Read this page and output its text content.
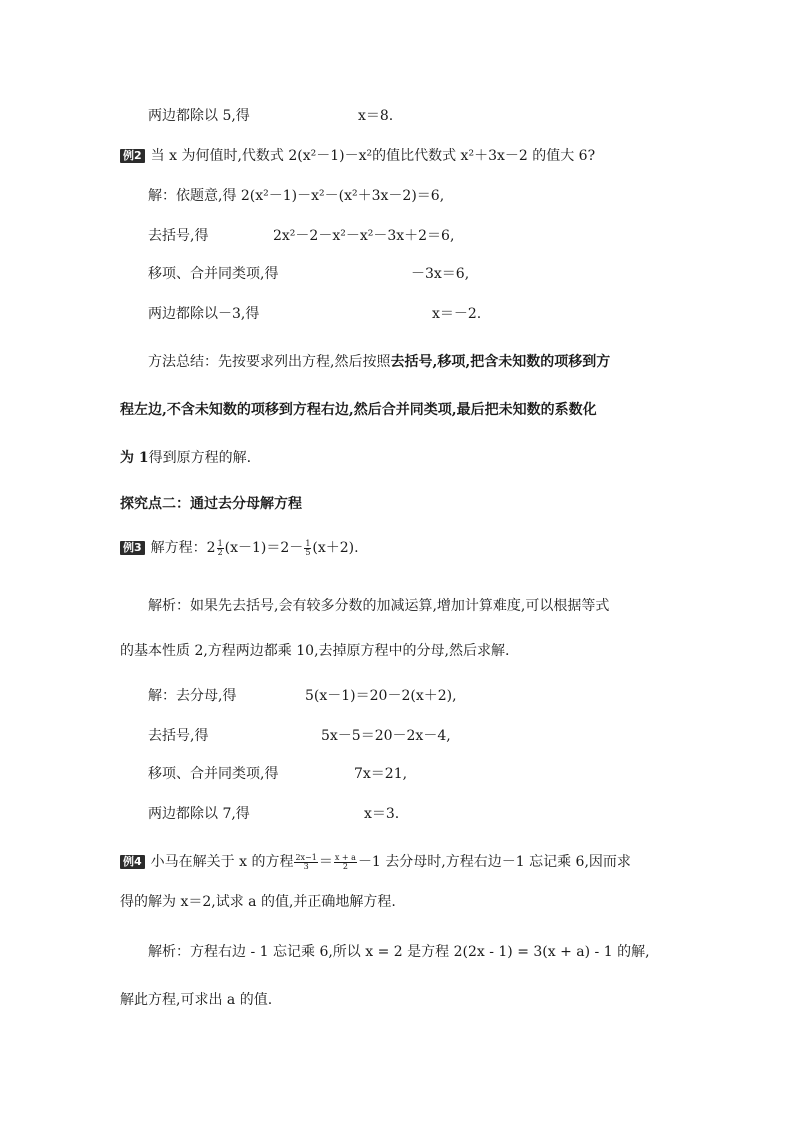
两边都除以 5,得	x＝8.
例2 当 x 为何值时,代数式 2(x²－1)－x²的值比代数式 x²＋3x－2 的值大 6?
解：依题意,得 2(x²－1)－x²－(x²＋3x－2)＝6,
去括号,得	2x²－2－x²－x²－3x＋2＝6,
移项、合并同类项,得	－3x＝6,
两边都除以－3,得	x＝－2.
方法总结：先按要求列出方程,然后按照去括号,移项,把含未知数的项移到方
程左边,不含未知数的项移到方程右边,然后合并同类项,最后把未知数的系数化
为 1得到原方程的解.
探究点二：通过去分母解方程
例3 解方程：$2 \frac{1}{2} (x-1)=2- \frac{1}{5} (x+2)$.
解析：如果先去括号,会有较多分数的加减运算,增加计算难度,可以根据等式
的基本性质 2,方程两边都乘 10,去掉原方程中的分母,然后求解.
解：去分母,得	5(x－1)＝20－2(x＋2),
去括号,得	5x－5＝20－2x－4,
移项、合并同类项,得	7x＝21,
两边都除以 7,得	x＝3.
例4 小马在解关于 x 的方程 $\frac{2x-1}{3} = \frac{x + a}{2} -1$ 去分母时,方程右边－1 忘记乘 6,因而求
得的解为 x＝2,试求 a 的值,并正确地解方程.
解析：方程右边 - 1 忘记乘 6,所以 x = 2 是方程 2(2x - 1) = 3(x + a) - 1 的解,
解此方程,可求出 a 的值.
